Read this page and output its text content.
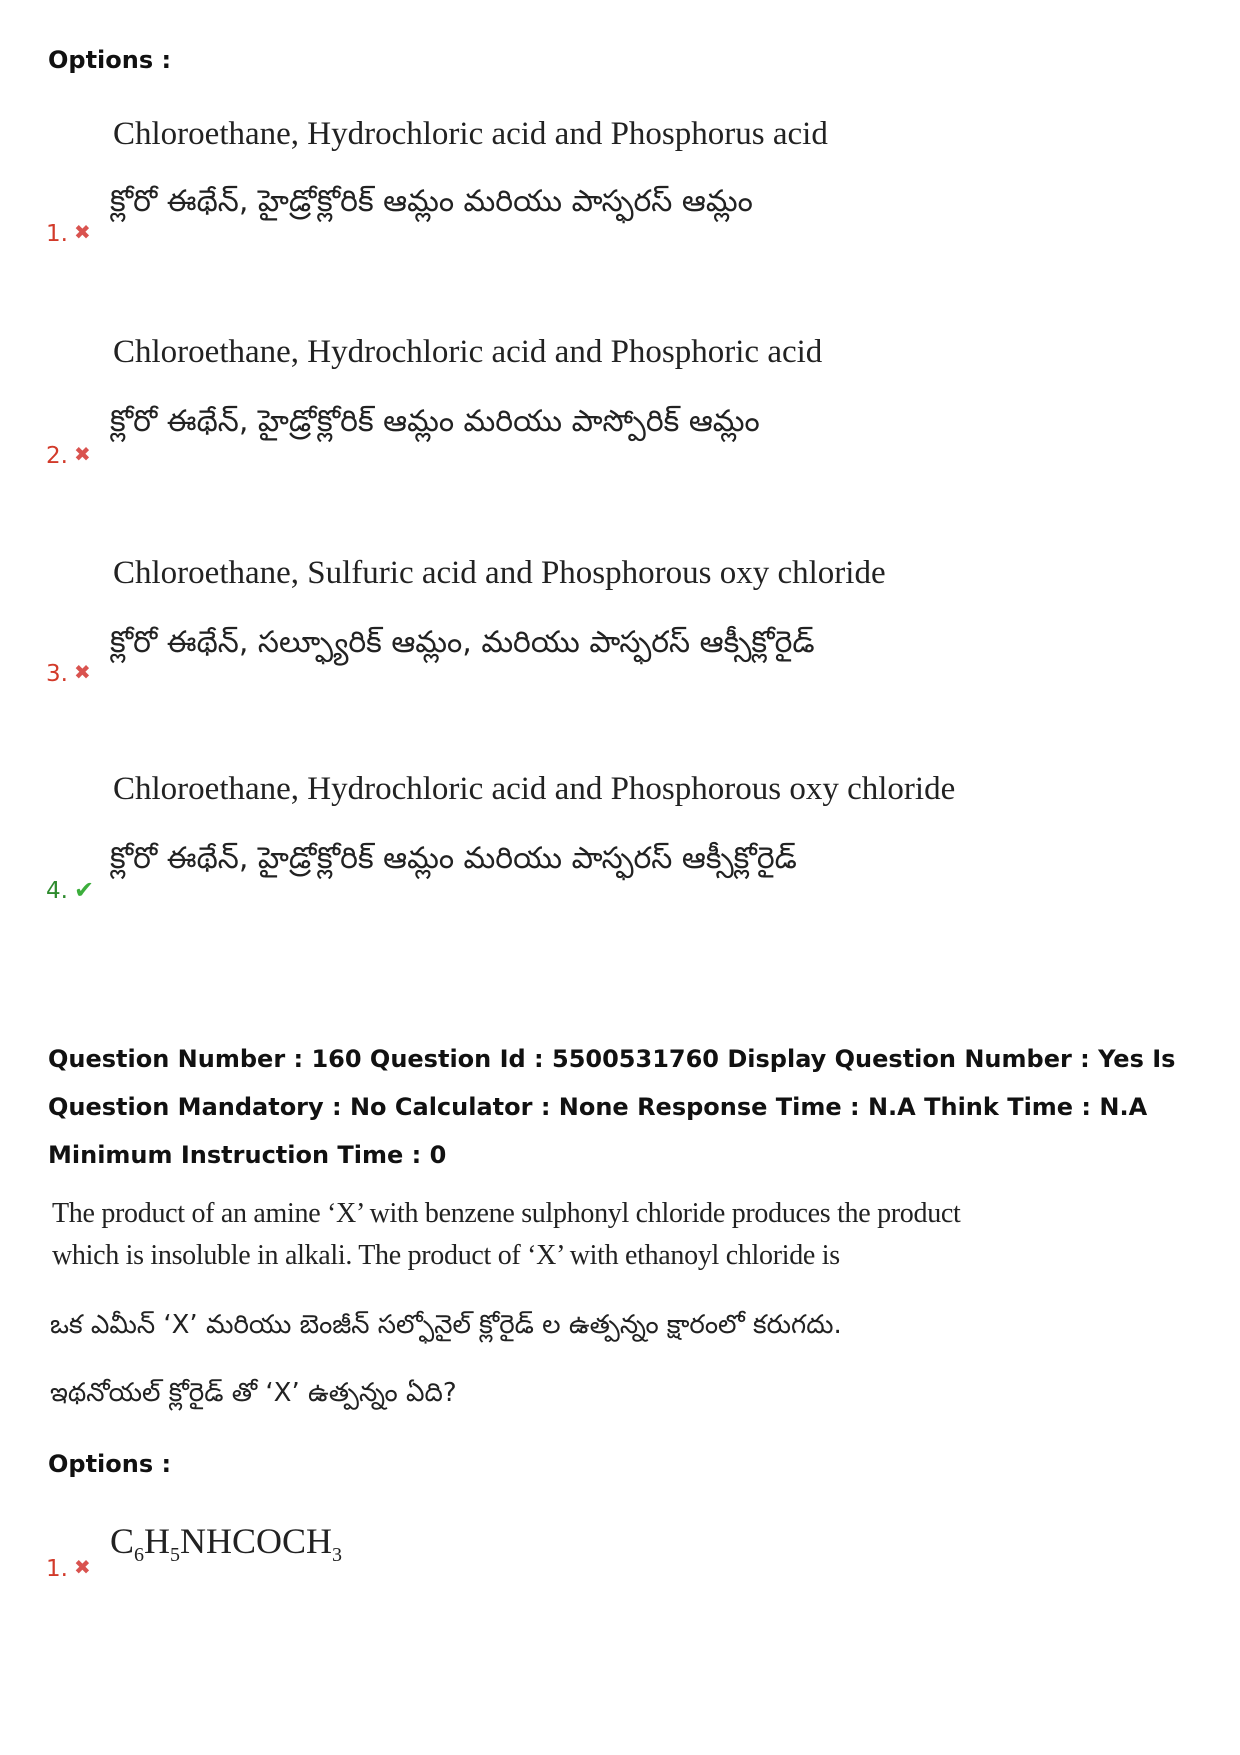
Options :
Chloroethane, Hydrochloric acid and Phosphorus acid
క్లోరో ఈథేన్, హైడ్రోక్లోరిక్ ఆమ్లం మరియు పాస్ఫరస్ ఆమ్లం
1. ✖
Chloroethane, Hydrochloric acid and Phosphoric acid
క్లోరో ఈథేన్, హైడ్రోక్లోరిక్ ఆమ్లం మరియు పాస్పోరిక్ ఆమ్లం
2. ✖
Chloroethane, Sulfuric acid and Phosphorous oxy chloride
క్లోరో ఈథేన్, సల్ఫ్యూరిక్ ఆమ్లం, మరియు పాస్ఫరస్ ఆక్సీక్లోరైడ్
3. ✖
Chloroethane, Hydrochloric acid and Phosphorous oxy chloride
క్లోరో ఈథేన్, హైడ్రోక్లోరిక్ ఆమ్లం మరియు పాస్ఫరస్ ఆక్సీక్లోరైడ్
4. ✔
Question Number : 160 Question Id : 5500531760 Display Question Number : Yes Is Question Mandatory : No Calculator : None Response Time : N.A Think Time : N.A Minimum Instruction Time : 0
The product of an amine ‘X’ with benzene sulphonyl chloride produces the product
which is insoluble in alkali. The product of ‘X’ with ethanoyl chloride is
ఒక ఎమీన్ ‘X’ మరియు బెంజీన్ సల్ఫోనైల్ క్లోరైడ్ ల ఉత్పన్నం క్షారంలో కరుగదు.
ఇథనోయల్ క్లోరైడ్ తో ‘X’ ఉత్పన్నం ఏది?
Options :
$C_6H_5NHCOCH_3$
1. ✖
